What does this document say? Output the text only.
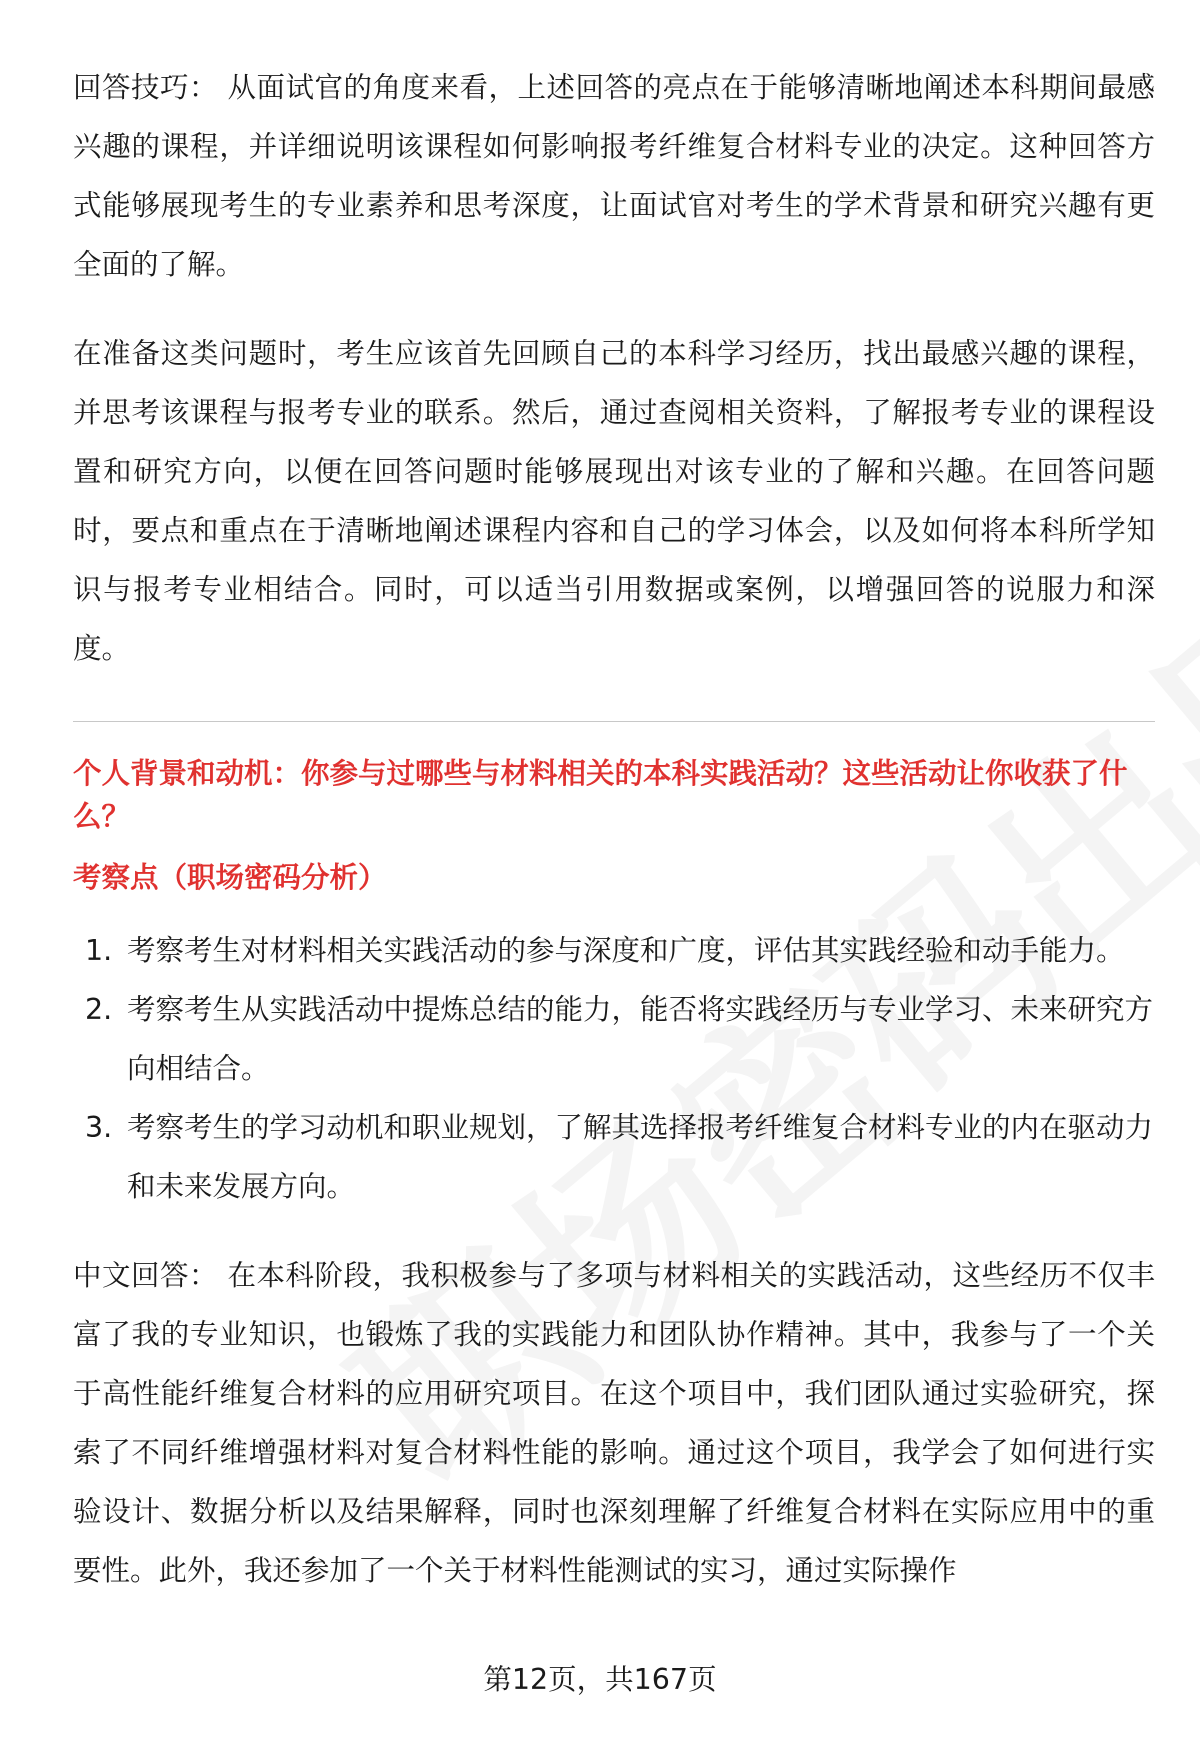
回答技巧： 从面试官的角度来看，上述回答的亮点在于能够清晰地阐述本科期间最感兴趣的课程，并详细说明该课程如何影响报考纤维复合材料专业的决定。这种回答方式能够展现考生的专业素养和思考深度，让面试官对考生的学术背景和研究兴趣有更全面的了解。

在准备这类问题时，考生应该首先回顾自己的本科学习经历，找出最感兴趣的课程，并思考该课程与报考专业的联系。然后，通过查阅相关资料，了解报考专业的课程设置和研究方向，以便在回答问题时能够展现出对该专业的了解和兴趣。在回答问题时，要点和重点在于清晰地阐述课程内容和自己的学习体会，以及如何将本科所学知识与报考专业相结合。同时，可以适当引用数据或案例，以增强回答的说服力和深度。

个人背景和动机：你参与过哪些与材料相关的本科实践活动？这些活动让你收获了什么？

考察点（职场密码分析）

1. 考察考生对材料相关实践活动的参与深度和广度，评估其实践经验和动手能力。
2. 考察考生从实践活动中提炼总结的能力，能否将实践经历与专业学习、未来研究方向相结合。
3. 考察考生的学习动机和职业规划，了解其选择报考纤维复合材料专业的内在驱动力和未来发展方向。

中文回答： 在本科阶段，我积极参与了多项与材料相关的实践活动，这些经历不仅丰富了我的专业知识，也锻炼了我的实践能力和团队协作精神。其中，我参与了一个关于高性能纤维复合材料的应用研究项目。在这个项目中，我们团队通过实验研究，探索了不同纤维增强材料对复合材料性能的影响。通过这个项目，我学会了如何进行实验设计、数据分析以及结果解释，同时也深刻理解了纤维复合材料在实际应用中的重要性。此外，我还参加了一个关于材料性能测试的实习，通过实际操作

第12页，共167页
